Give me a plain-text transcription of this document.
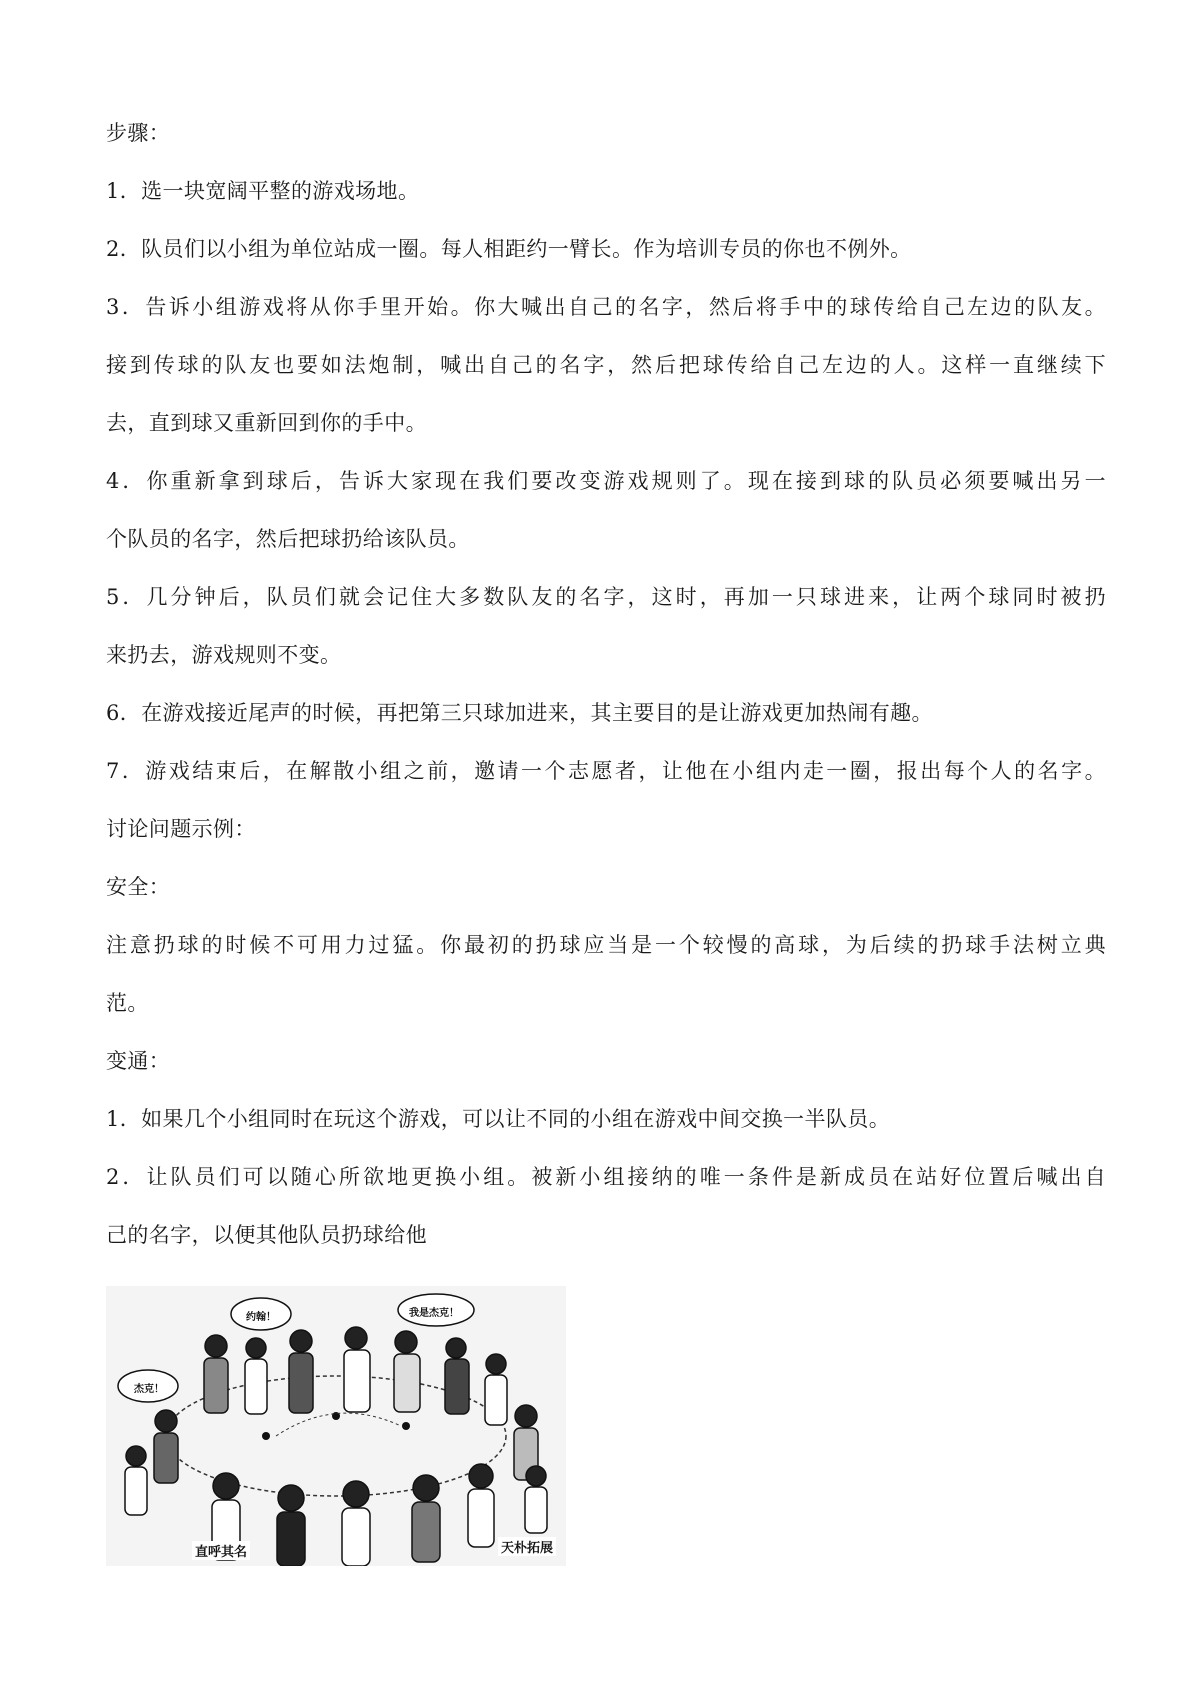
步骤：
1．选一块宽阔平整的游戏场地。
2．队员们以小组为单位站成一圈。每人相距约一臂长。作为培训专员的你也不例外。
3．告诉小组游戏将从你手里开始。你大喊出自己的名字，然后将手中的球传给自己左边的队友。
接到传球的队友也要如法炮制，喊出自己的名字，然后把球传给自己左边的人。这样一直继续下
去，直到球又重新回到你的手中。
4．你重新拿到球后，告诉大家现在我们要改变游戏规则了。现在接到球的队员必须要喊出另一
个队员的名字，然后把球扔给该队员。
5．几分钟后，队员们就会记住大多数队友的名字，这时，再加一只球进来，让两个球同时被扔
来扔去，游戏规则不变。
6．在游戏接近尾声的时候，再把第三只球加进来，其主要目的是让游戏更加热闹有趣。
7．游戏结束后，在解散小组之前，邀请一个志愿者，让他在小组内走一圈，报出每个人的名字。
讨论问题示例：
安全：
注意扔球的时候不可用力过猛。你最初的扔球应当是一个较慢的高球，为后续的扔球手法树立典
范。
变通：
1．如果几个小组同时在玩这个游戏，可以让不同的小组在游戏中间交换一半队员。
2．让队员们可以随心所欲地更换小组。被新小组接纳的唯一条件是新成员在站好位置后喊出自
己的名字，以便其他队员扔球给他
约翰！	我是杰克！
杰克！
直呼其名	天朴拓展
